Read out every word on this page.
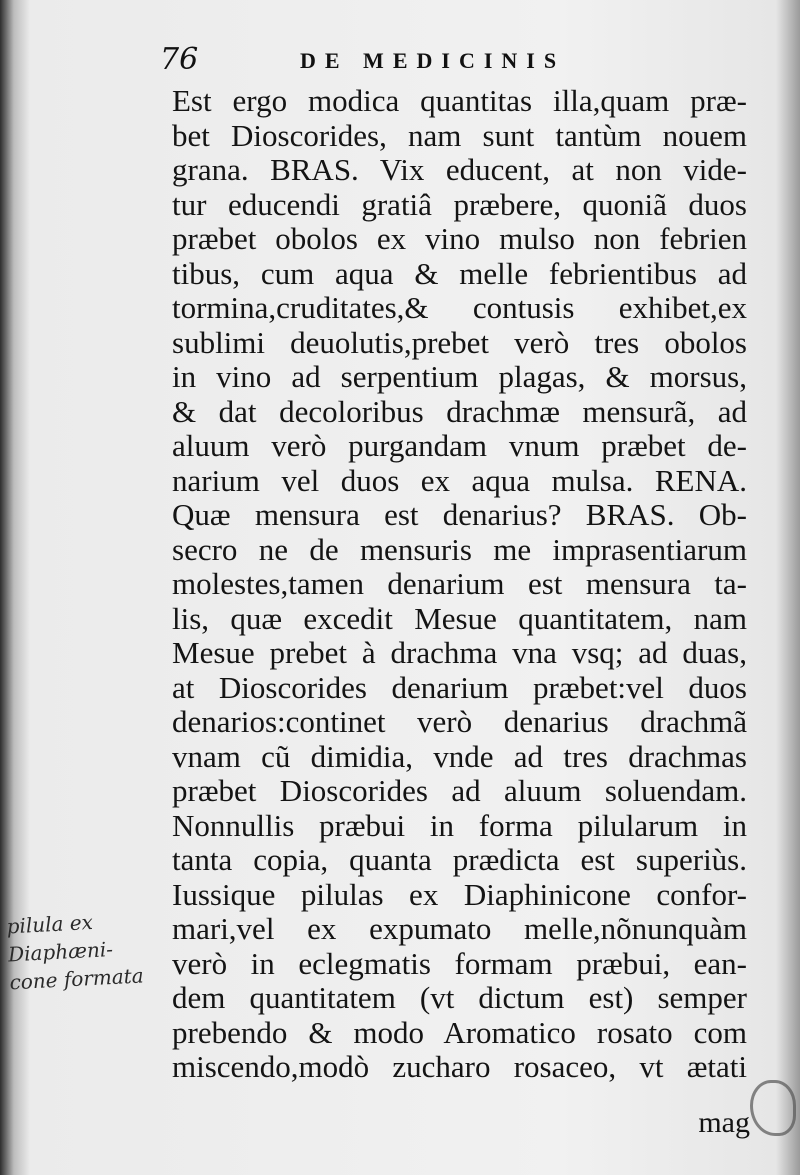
76	DE MEDICINIS
Est ergo modica quantitas illa,quam præ-
bet Dioscorides, nam sunt tantùm nouem
grana. BRAS. Vix educent, at non vide-
tur educendi gratiâ præbere, quoniã duos
præbet obolos ex vino mulso non febrien
tibus, cum aqua & melle febrientibus ad
tormina,cruditates,& contusis exhibet,ex
sublimi deuolutis,prebet verò tres obolos
in vino ad serpentium plagas, & morsus,
& dat decoloribus drachmæ mensurã, ad
aluum verò purgandam vnum præbet de-
narium vel duos ex aqua mulsa. RENA.
Quæ mensura est denarius? BRAS. Ob-
secro ne de mensuris me imprasentiarum
molestes,tamen denarium est mensura ta-
lis, quæ excedit Mesue quantitatem, nam
Mesue prebet à drachma vna vsq; ad duas,
at Dioscorides denarium præbet:vel duos
denarios:continet verò denarius drachmã
vnam cũ dimidia, vnde ad tres drachmas
præbet Dioscorides ad aluum soluendam.
Nonnullis præbui in forma pilularum in
tanta copia, quanta prædicta est superiùs.
Iussique pilulas ex Diaphinicone confor-
mari,vel ex expumato melle,nõnunquàm
verò in eclegmatis formam præbui, ean-
dem quantitatem (vt dictum est) semper
prebendo & modo Aromatico rosato com
miscendo,modò zucharo rosaceo, vt ætati
pilula ex
Diaphæni-
cone formata
mag
